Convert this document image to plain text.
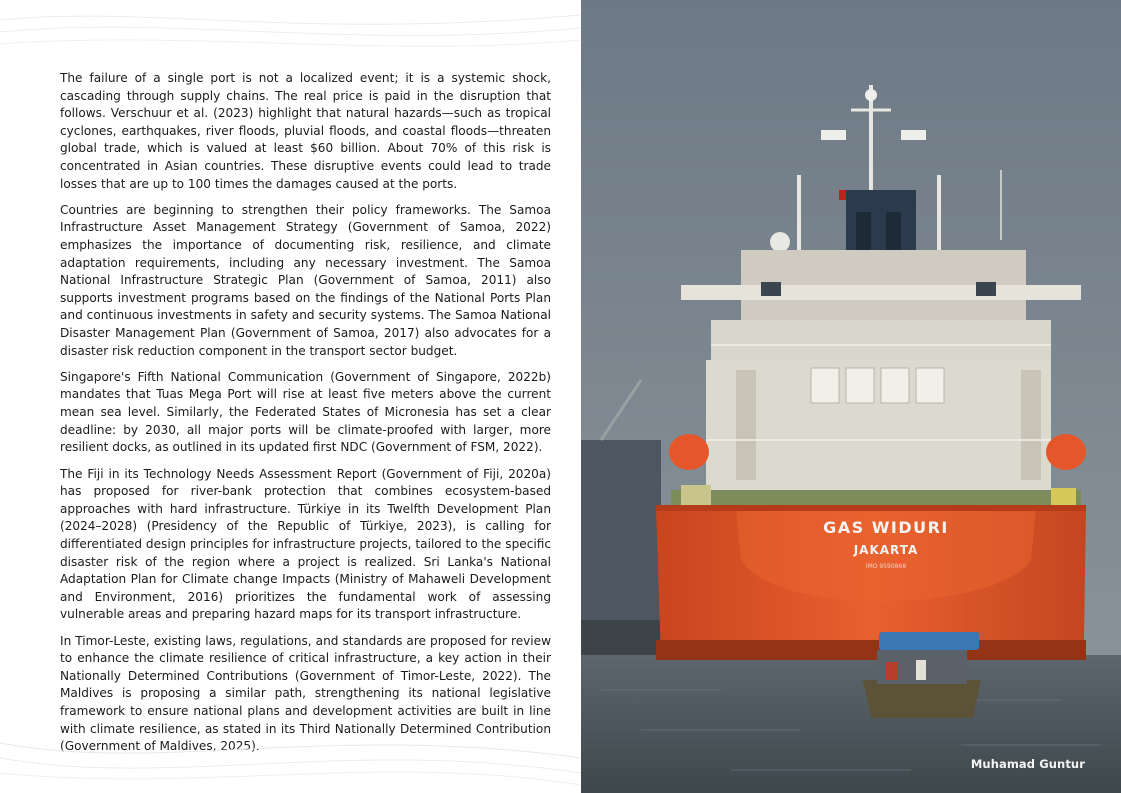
The failure of a single port is not a localized event; it is a systemic shock, cascading through supply chains. The real price is paid in the disruption that follows. Verschuur et al. (2023) highlight that natural hazards—such as tropical cyclones, earthquakes, river floods, pluvial floods, and coastal floods—threaten global trade, which is valued at least $60 billion. About 70% of this risk is concentrated in Asian countries. These disruptive events could lead to trade losses that are up to 100 times the damages caused at the ports.

Countries are beginning to strengthen their policy frameworks. The Samoa Infrastructure Asset Management Strategy (Government of Samoa, 2022) emphasizes the importance of documenting risk, resilience, and climate adaptation requirements, including any necessary investment. The Samoa National Infrastructure Strategic Plan (Government of Samoa, 2011) also supports investment programs based on the findings of the National Ports Plan and continuous investments in safety and security systems. The Samoa National Disaster Management Plan (Government of Samoa, 2017) also advocates for a disaster risk reduction component in the transport sector budget.

Singapore's Fifth National Communication (Government of Singapore, 2022b) mandates that Tuas Mega Port will rise at least five meters above the current mean sea level. Similarly, the Federated States of Micronesia has set a clear deadline: by 2030, all major ports will be climate-proofed with larger, more resilient docks, as outlined in its updated first NDC (Government of FSM, 2022).

The Fiji in its Technology Needs Assessment Report (Government of Fiji, 2020a) has proposed for river-bank protection that combines ecosystem-based approaches with hard infrastructure. Türkiye in its Twelfth Development Plan (2024–2028) (Presidency of the Republic of Türkiye, 2023), is calling for differentiated design principles for infrastructure projects, tailored to the specific disaster risk of the region where a project is realized. Sri Lanka's National Adaptation Plan for Climate change Impacts (Ministry of Mahaweli Development and Environment, 2016) prioritizes the fundamental work of assessing vulnerable areas and preparing hazard maps for its transport infrastructure.

In Timor-Leste, existing laws, regulations, and standards are proposed for review to enhance the climate resilience of critical infrastructure, a key action in their Nationally Determined Contributions (Government of Timor-Leste, 2022). The Maldives is proposing a similar path, strengthening its national legislative framework to ensure national plans and development activities are built in line with climate resilience, as stated in its Third Nationally Determined Contribution (Government of Maldives, 2025).

GAS WIDURI
JAKARTA
IMO 9590868
Muhamad Guntur
